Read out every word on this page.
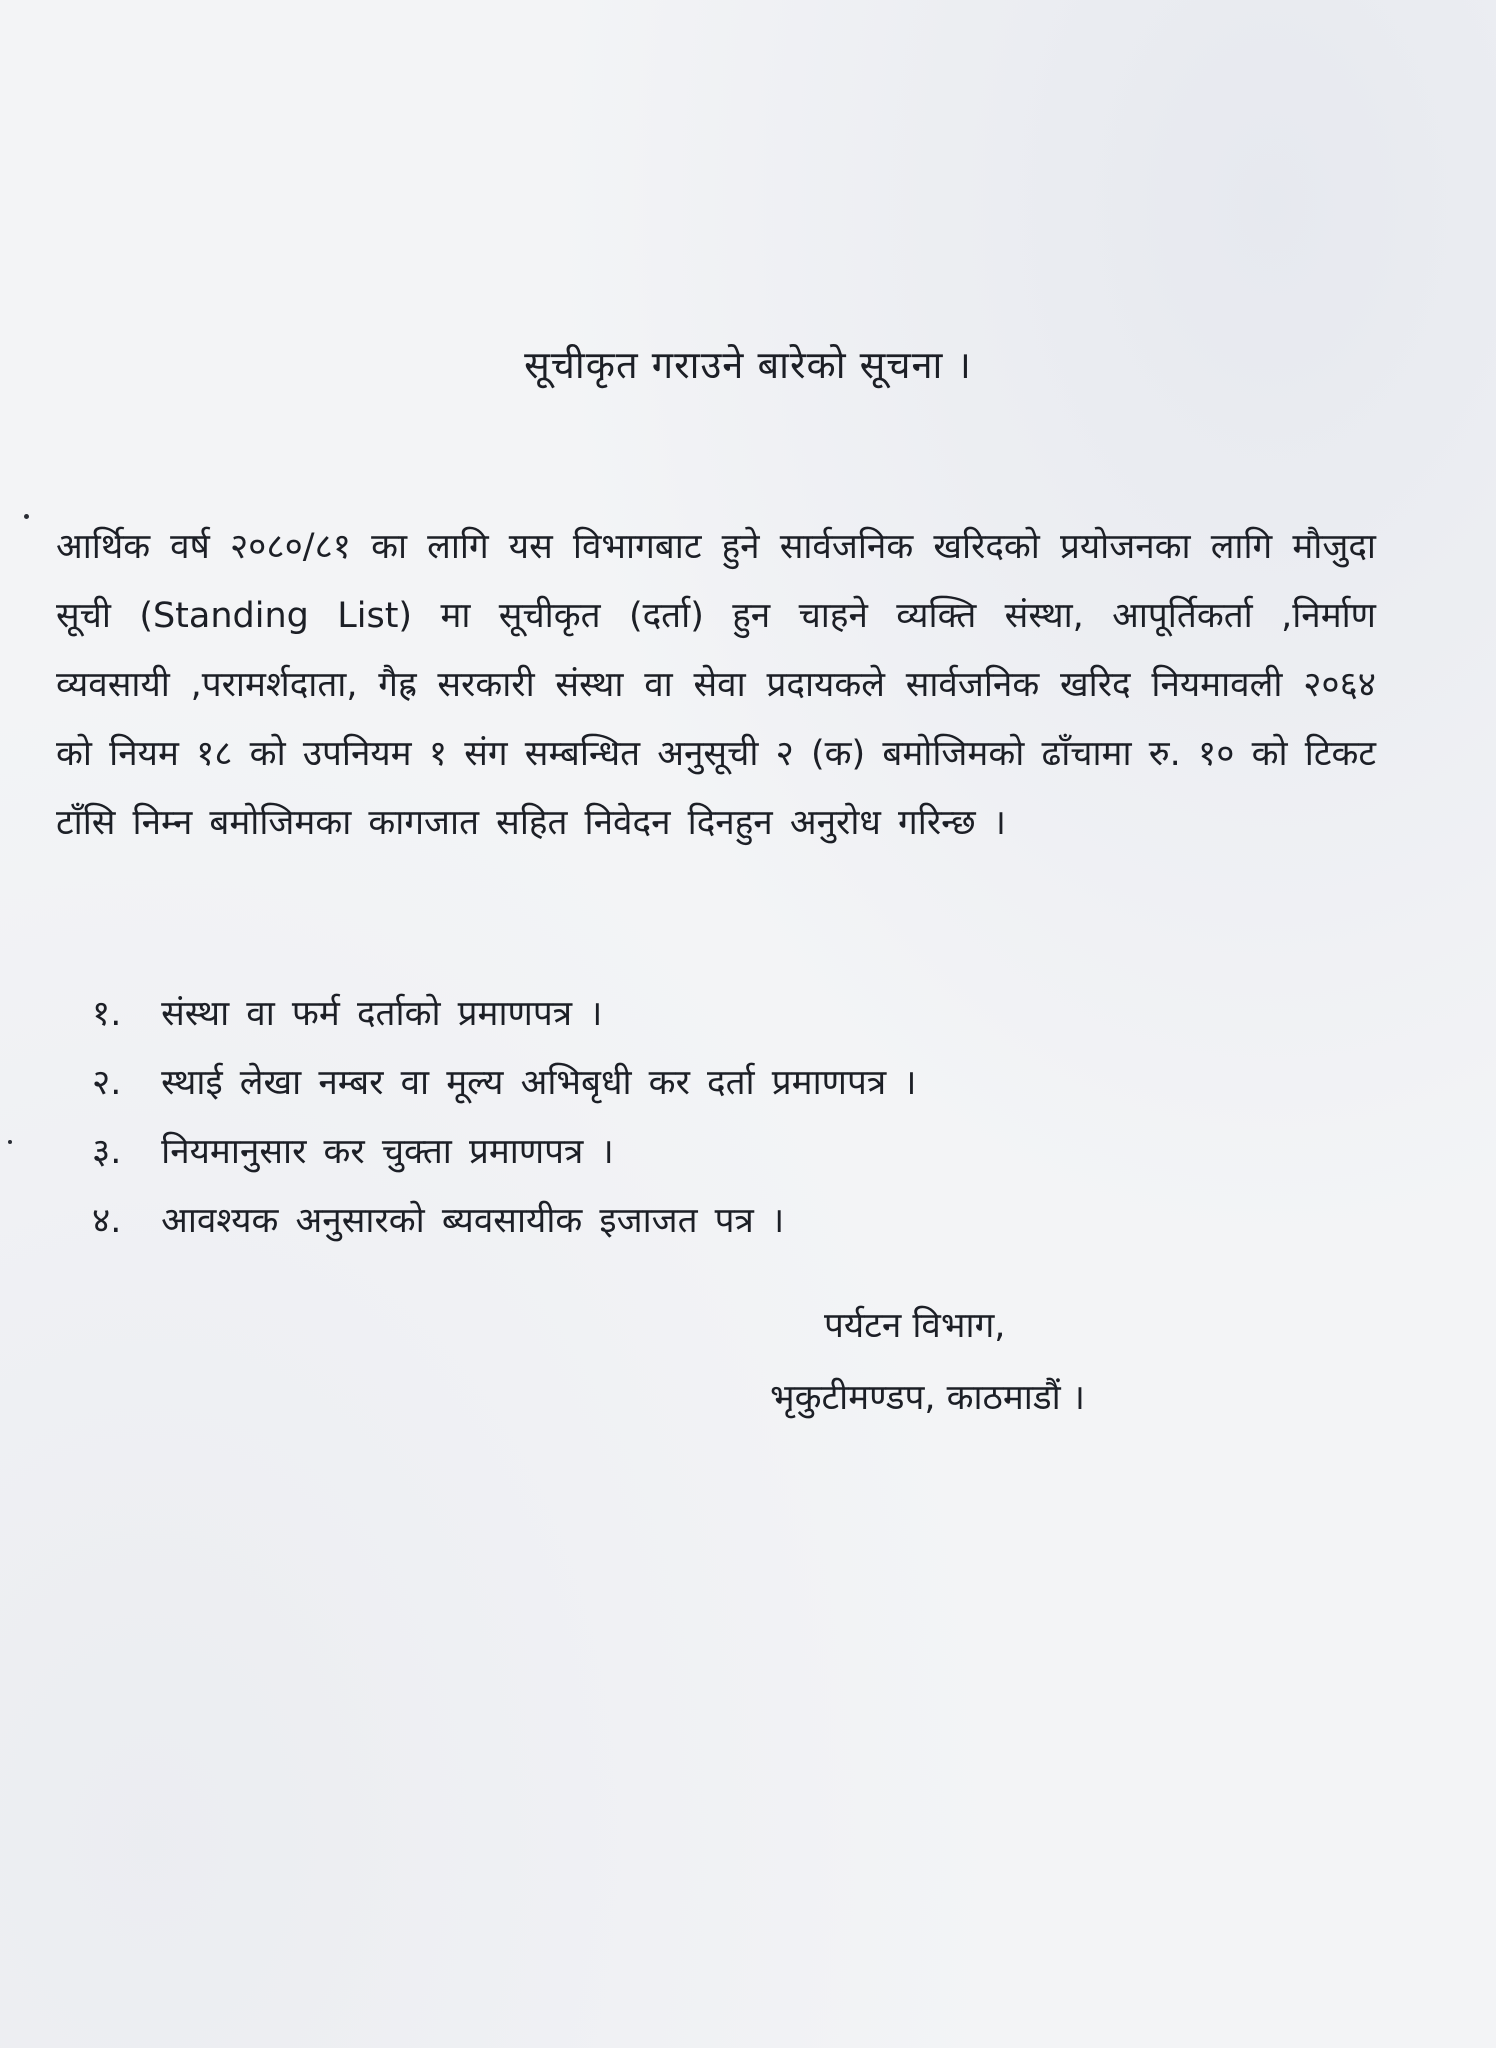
सूचीकृत गराउने बारेको सूचना ।

आर्थिक वर्ष २०८०/८१ का लागि यस विभागबाट हुने सार्वजनिक खरिदको प्रयोजनका लागि मौजुदा सूची (Standing List) मा सूचीकृत (दर्ता) हुन चाहने व्यक्ति संस्था, आपूर्तिकर्ता ,निर्माण व्यवसायी ,परामर्शदाता, गैह्र सरकारी संस्था वा सेवा प्रदायकले सार्वजनिक खरिद नियमावली २०६४ को नियम १८ को उपनियम १ संग सम्बन्धित अनुसूची २ (क) बमोजिमको ढाँचामा रु. १० को टिकट टाँसि निम्न बमोजिमका कागजात सहित निवेदन दिनहुन अनुरोध गरिन्छ ।

१. संस्था वा फर्म दर्ताको प्रमाणपत्र ।
२. स्थाई लेखा नम्बर वा मूल्य अभिबृधी कर दर्ता प्रमाणपत्र ।
३. नियमानुसार कर चुक्ता प्रमाणपत्र ।
४. आवश्यक अनुसारको ब्यवसायीक इजाजत पत्र ।
पर्यटन विभाग,
भृकुटीमण्डप, काठमाडौं ।
